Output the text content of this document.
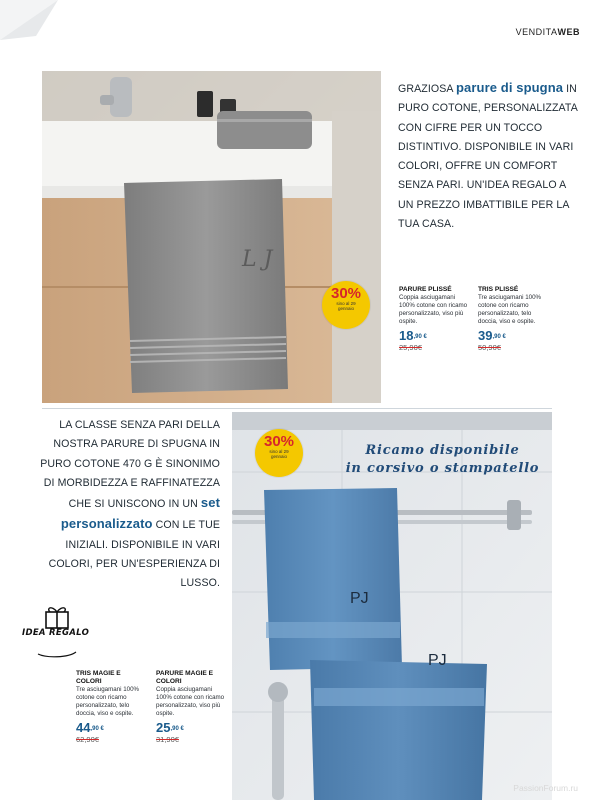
VENDITAWEB
L J
GRAZIOSA parure di spugna IN PURO COTONE, PERSONALIZZATA CON CIFRE PER UN TOCCO DISTINTIVO. DISPONIBILE IN VARI COLORI, OFFRE UN COMFORT SENZA PARI. UN'IDEA REGALO A UN PREZZO IMBATTIBILE PER LA TUA CASA.
30%
sino al 29 gennaio
PARURE PLISSÉ
Coppia asciugamani 100% cotone con ricamo personalizzato, viso più ospite.
$18^{,90 €}$
25,90€
TRIS PLISSÉ
Tre asciugamani 100% cotone con ricamo personalizzato, telo doccia, viso e ospite.
$39^{,90 €}$
50,90€
LA CLASSE SENZA PARI DELLA NOSTRA PARURE DI SPUGNA IN PURO COTONE 470 G È SINONIMO DI MORBIDEZZA E RAFFINATEZZA CHE SI UNISCONO IN UN set personalizzato CON LE TUE INIZIALI. DISPONIBILE IN VARI COLORI, PER UN'ESPERIENZA DI LUSSO.
PJ
PJ
30%
sino al 29 gennaio	Ricamo disponibile
in corsivo o stampatello
IDEA REGALO
TRIS MAGIE E COLORI
Tre asciugamani 100% cotone con ricamo personalizzato, telo doccia, viso e ospite.
$44^{,90 €}$
62,90€
PARURE MAGIE E COLORI
Coppia asciugamani 100% cotone con ricamo personalizzato, viso più ospite.
$25^{,90 €}$
31,90€
PassionForum.ru
